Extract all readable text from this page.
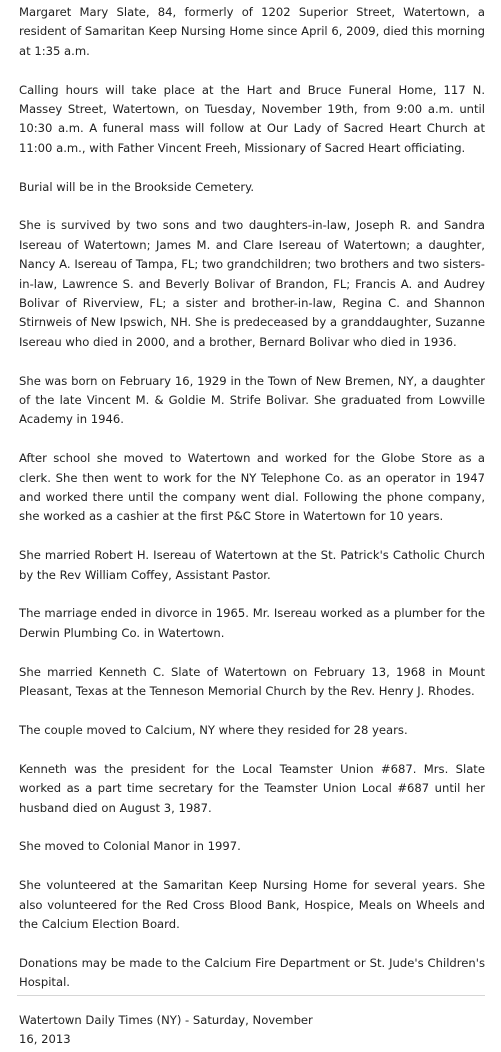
Margaret Mary Slate, 84, formerly of 1202 Superior Street, Watertown, a resident of Samaritan Keep Nursing Home since April 6, 2009, died this morning at 1:35 a.m.

Calling hours will take place at the Hart and Bruce Funeral Home, 117 N. Massey Street, Watertown, on Tuesday, November 19th, from 9:00 a.m. until 10:30 a.m. A funeral mass will follow at Our Lady of Sacred Heart Church at 11:00 a.m., with Father Vincent Freeh, Missionary of Sacred Heart officiating.

Burial will be in the Brookside Cemetery.

She is survived by two sons and two daughters-in-law, Joseph R. and Sandra Isereau of Watertown; James M. and Clare Isereau of Watertown; a daughter, Nancy A. Isereau of Tampa, FL; two grandchildren; two brothers and two sisters-in-law, Lawrence S. and Beverly Bolivar of Brandon, FL; Francis A. and Audrey Bolivar of Riverview, FL; a sister and brother-in-law, Regina C. and Shannon Stirnweis of New Ipswich, NH. She is predeceased by a granddaughter, Suzanne Isereau who died in 2000, and a brother, Bernard Bolivar who died in 1936.

She was born on February 16, 1929 in the Town of New Bremen, NY, a daughter of the late Vincent M. & Goldie M. Strife Bolivar. She graduated from Lowville Academy in 1946.

After school she moved to Watertown and worked for the Globe Store as a clerk. She then went to work for the NY Telephone Co. as an operator in 1947 and worked there until the company went dial. Following the phone company, she worked as a cashier at the first P&C Store in Watertown for 10 years.

She married Robert H. Isereau of Watertown at the St. Patrick's Catholic Church by the Rev William Coffey, Assistant Pastor.

The marriage ended in divorce in 1965. Mr. Isereau worked as a plumber for the Derwin Plumbing Co. in Watertown.

She married Kenneth C. Slate of Watertown on February 13, 1968 in Mount Pleasant, Texas at the Tenneson Memorial Church by the Rev. Henry J. Rhodes.

The couple moved to Calcium, NY where they resided for 28 years.

Kenneth was the president for the Local Teamster Union #687. Mrs. Slate worked as a part time secretary for the Teamster Union Local #687 until her husband died on August 3, 1987.

She moved to Colonial Manor in 1997.

She volunteered at the Samaritan Keep Nursing Home for several years. She also volunteered for the Red Cross Blood Bank, Hospice, Meals on Wheels and the Calcium Election Board.

Donations may be made to the Calcium Fire Department or St. Jude's Children's Hospital.

Watertown Daily Times (NY) - Saturday, November 16, 2013
